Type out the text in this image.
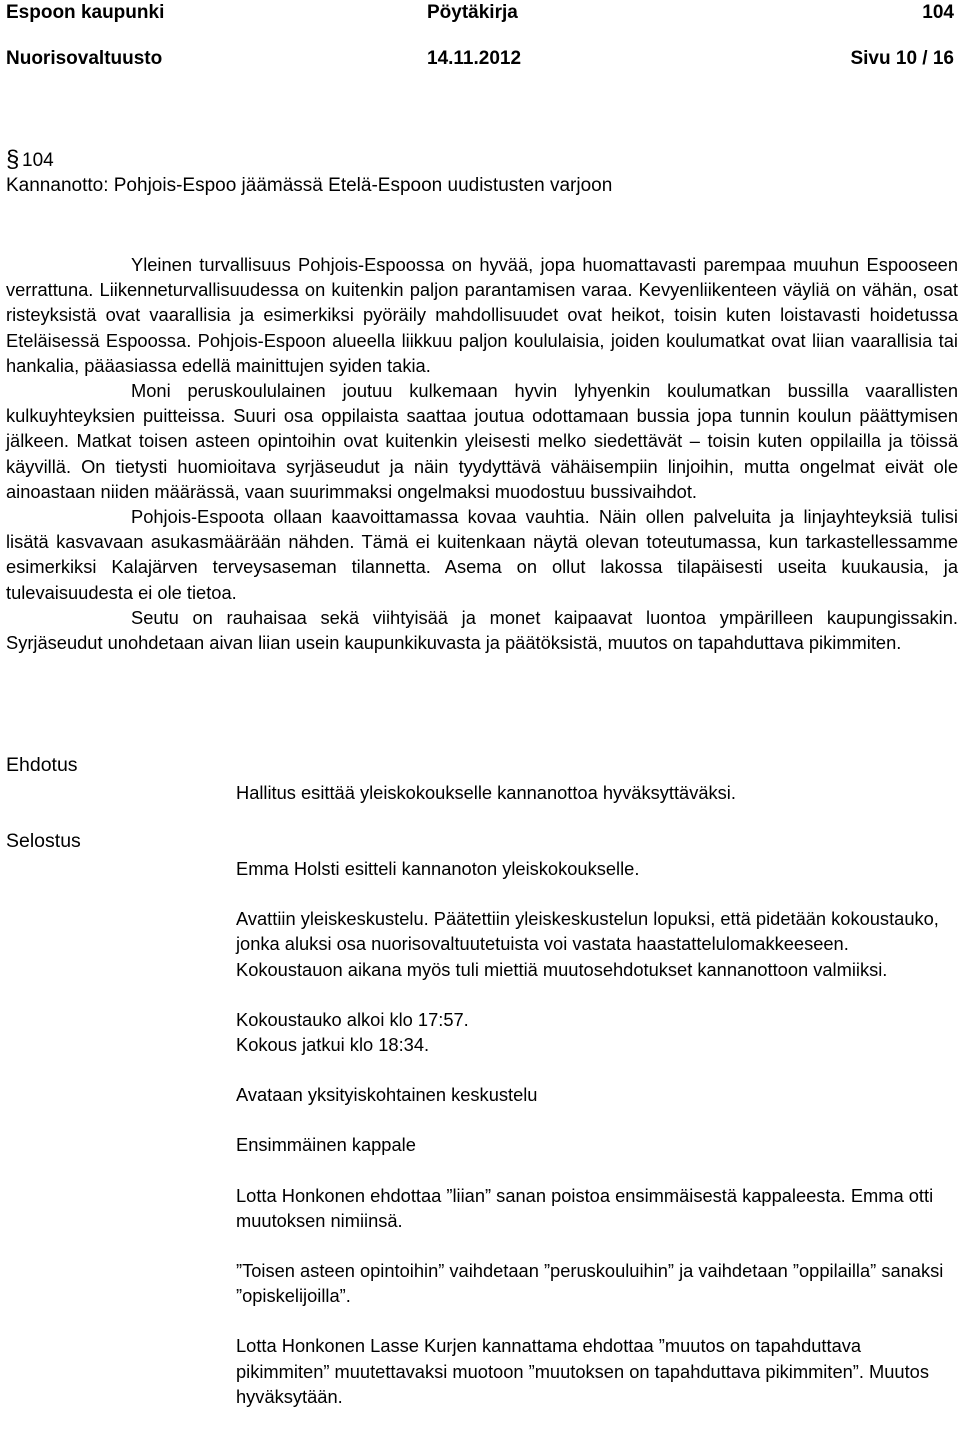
Espoon kaupunki	Pöytäkirja	104
Nuorisovaltuusto	14.11.2012	Sivu 10 / 16
§ 104
Kannanotto: Pohjois-Espoo jäämässä Etelä-Espoon uudistusten varjoon

Yleinen turvallisuus Pohjois-Espoossa on hyvää, jopa huomattavasti parempaa muuhun Espooseen verrattuna. Liikenneturvallisuudessa on kuitenkin paljon parantamisen varaa. Kevyenliikenteen väyliä on vähän, osat risteyksistä ovat vaarallisia ja esimerkiksi pyöräily mahdollisuudet ovat heikot, toisin kuten loistavasti hoidetussa Eteläisessä Espoossa. Pohjois-Espoon alueella liikkuu paljon koululaisia, joiden koulumatkat ovat liian vaarallisia tai hankalia, pääasiassa edellä mainittujen syiden takia.

Moni peruskoululainen joutuu kulkemaan hyvin lyhyenkin koulumatkan bussilla vaarallisten kulkuyhteyksien puitteissa. Suuri osa oppilaista saattaa joutua odottamaan bussia jopa tunnin koulun päättymisen jälkeen. Matkat toisen asteen opintoihin ovat kuitenkin yleisesti melko siedettävät – toisin kuten oppilailla ja töissä käyvillä. On tietysti huomioitava syrjäseudut ja näin tyydyttävä vähäisempiin linjoihin, mutta ongelmat eivät ole ainoastaan niiden määrässä, vaan suurimmaksi ongelmaksi muodostuu bussivaihdot.

Pohjois-Espoota ollaan kaavoittamassa kovaa vauhtia. Näin ollen palveluita ja linjayhteyksiä tulisi lisätä kasvavaan asukasmäärään nähden. Tämä ei kuitenkaan näytä olevan toteutumassa, kun tarkastellessamme esimerkiksi Kalajärven terveysaseman tilannetta. Asema on ollut lakossa tilapäisesti useita kuukausia, ja tulevaisuudesta ei ole tietoa.

Seutu on rauhaisaa sekä viihtyisää ja monet kaipaavat luontoa ympärilleen kaupungissakin. Syrjäseudut unohdetaan aivan liian usein kaupunkikuvasta ja päätöksistä, muutos on tapahduttava pikimmiten.

Ehdotus

Hallitus esittää yleiskokoukselle kannanottoa hyväksyttäväksi.

Selostus

Emma Holsti esitteli kannanoton yleiskokoukselle.

Avattiin yleiskeskustelu. Päätettiin yleiskeskustelun lopuksi, että pidetään kokoustauko, jonka aluksi osa nuorisovaltuutetuista voi vastata haastattelulomakkeeseen. Kokoustauon aikana myös tuli miettiä muutosehdotukset kannanottoon valmiiksi.

Kokoustauko alkoi klo 17:57.

Kokous jatkui klo 18:34.

Avataan yksityiskohtainen keskustelu

Ensimmäinen kappale

Lotta Honkonen ehdottaa ”liian” sanan poistoa ensimmäisestä kappaleesta. Emma otti muutoksen nimiinsä.

”Toisen asteen opintoihin” vaihdetaan ”peruskouluihin” ja vaihdetaan ”oppilailla” sanaksi ”opiskelijoilla”.

Lotta Honkonen Lasse Kurjen kannattama ehdottaa ”muutos on tapahduttava pikimmiten” muutettavaksi muotoon ”muutoksen on tapahduttava pikimmiten”. Muutos hyväksytään.
